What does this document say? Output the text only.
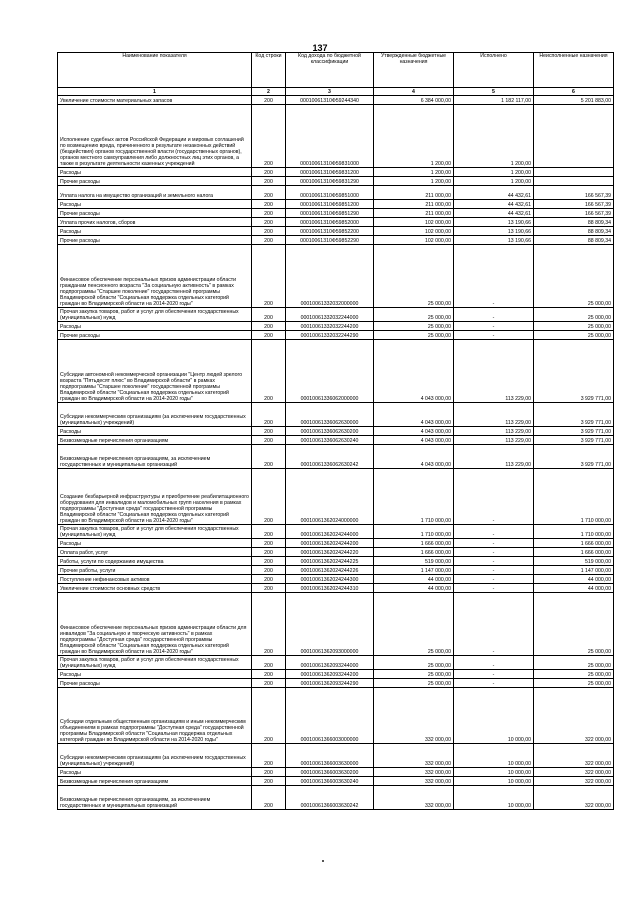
137
Наименование показателя	Код строки	Код дохода по бюджетной классификации	Утвержденные бюджетные назначения	Исполнено	Неисполненные назначения
1	2	3	4	5	6
Увеличение стоимости материальных запасов	200	00010061310Ф59244340	6 384 000,00	1 182 117,00	5 201 883,00
Исполнение судебных актов Российской Федерации и мировых соглашений по возмещению вреда, причиненного в результате незаконных действий (бездействия) органов государственной власти (государственных органов), органов местного самоуправления либо должностных лиц этих органов, а также в результате деятельности казенных учреждений	200	00010061310Ф59831000	1 200,00	1 200,00	
Расходы	200	00010061310Ф59831200	1 200,00	1 200,00	
Прочие расходы	200	00010061310Ф59831290	1 200,00	1 200,00	
Уплата налога на имущество организаций и земельного налога	200	00010061310Ф59851000	211 000,00	44 432,61	166 567,39
Расходы	200	00010061310Ф59851200	211 000,00	44 432,61	166 567,39
Прочие расходы	200	00010061310Ф59851290	211 000,00	44 432,61	166 567,39
Уплата прочих налогов, сборов	200	00010061310Ф59852000	102 000,00	13 190,66	88 809,34
Расходы	200	00010061310Ф59852200	102 000,00	13 190,66	88 809,34
Прочие расходы	200	00010061310Ф59852290	102 000,00	13 190,66	88 809,34
Финансовое обеспечение персональных призов администрации области гражданам пенсионного возраста "За социальную активность" в рамках подпрограммы "Старшее поколение" государственной программы Владимирской области "Социальная поддержка отдельных категорий граждан во Владимирской области на 2014-2020 годы"	200	00010061332032000000	25 000,00	-	25 000,00
Прочая закупка товаров, работ и услуг для обеспечения государственных (муниципальных) нужд	200	00010061332032244000	25 000,00	-	25 000,00
Расходы	200	00010061332032244200	25 000,00	-	25 000,00
Прочие расходы	200	00010061332032244290	25 000,00	-	25 000,00
Субсидии автономной некоммерческой организации "Центр людей зрелого возраста "Пятьдесят плюс" во Владимирской области" в рамках подпрограммы "Старшее поколение" государственной программы Владимирской области "Социальная поддержка отдельных категорий граждан во Владимирской области на 2014-2020 годы"	200	00010061336062000000	4 043 000,00	113 229,00	3 929 771,00
Субсидии некоммерческим организациям (за исключением государственных (муниципальных) учреждений)	200	00010061336062630000	4 043 000,00	113 229,00	3 929 771,00
Расходы	200	00010061336062630200	4 043 000,00	113 229,00	3 929 771,00
Безвозмездные перечисления организациям	200	00010061336062630240	4 043 000,00	113 229,00	3 929 771,00
Безвозмездные перечисления организациям, за исключением государственных и муниципальных организаций	200	00010061336062630242	4 043 000,00	113 229,00	3 929 771,00
Создание безбарьерной инфраструктуры и приобретение реабилитационного оборудования для инвалидов и маломобильных групп населения в рамках подпрограммы "Доступная среда" государственной программы Владимирской области "Социальная поддержка отдельных категорий граждан во Владимирской области на 2014-2020 годы"	200	00010061362024000000	1 710 000,00	-	1 710 000,00
Прочая закупка товаров, работ и услуг для обеспечения государственных (муниципальных) нужд	200	00010061362024244000	1 710 000,00	-	1 710 000,00
Расходы	200	00010061362024244200	1 666 000,00	-	1 666 000,00
Оплата работ, услуг	200	00010061362024244220	1 666 000,00	-	1 666 000,00
Работы, услуги по содержанию имущества	200	00010061362024244225	519 000,00	-	519 000,00
Прочие работы, услуги	200	00010061362024244226	1 147 000,00	-	1 147 000,00
Поступление нефинансовых активов	200	00010061362024244300	44 000,00	-	44 000,00
Увеличение стоимости основных средств	200	00010061362024244310	44 000,00	-	44 000,00
Финансовое обеспечение персональных призов администрации области для инвалидов "За социальную и творческую активность" в рамках подпрограммы "Доступная среда" государственной программы Владимирской области "Социальная поддержка отдельных категорий граждан во Владимирской области на 2014-2020 годы"	200	00010061362093000000	25 000,00	-	25 000,00
Прочая закупка товаров, работ и услуг для обеспечения государственных (муниципальных) нужд	200	00010061362093244000	25 000,00	-	25 000,00
Расходы	200	00010061362093244200	25 000,00	-	25 000,00
Прочие расходы	200	00010061362093244290	25 000,00	-	25 000,00
Субсидии отдельным общественным организациям и иным некоммерческим объединениям в рамках подпрограммы "Доступная среда" государственной программы Владимирской области "Социальная поддержка отдельных категорий граждан во Владимирской области на 2014-2020 годы"	200	00010061366003000000	332 000,00	10 000,00	322 000,00
Субсидии некоммерческим организациям (за исключением государственных (муниципальных) учреждений)	200	00010061366003630000	332 000,00	10 000,00	322 000,00
Расходы	200	00010061366003630200	332 000,00	10 000,00	322 000,00
Безвозмездные перечисления организациям	200	00010061366003630240	332 000,00	10 000,00	322 000,00
Безвозмездные перечисления организациям, за исключением государственных и муниципальных организаций	200	00010061366003630242	332 000,00	10 000,00	322 000,00
